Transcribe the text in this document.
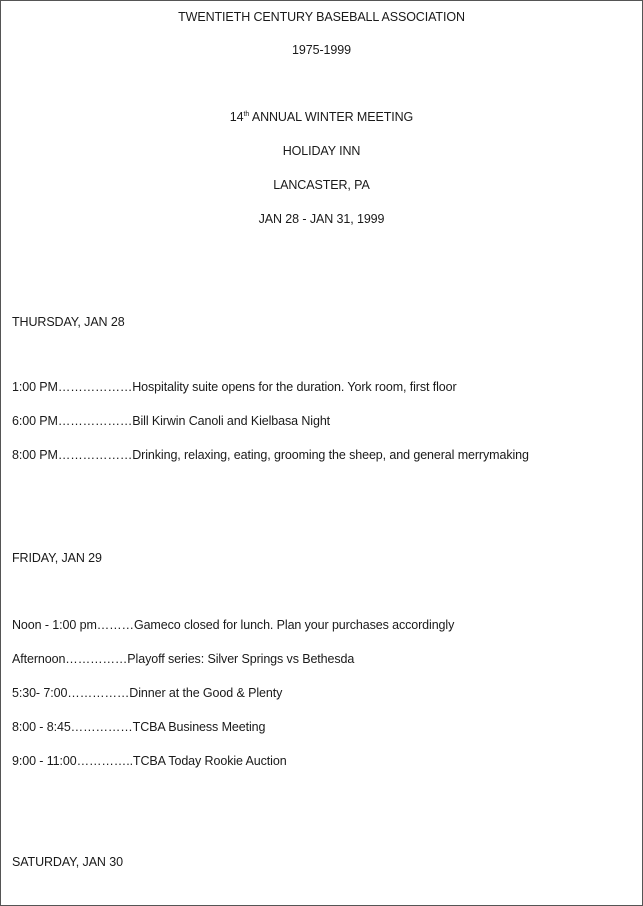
TWENTIETH CENTURY BASEBALL ASSOCIATION
1975-1999
14th ANNUAL WINTER MEETING
HOLIDAY INN
LANCASTER, PA
JAN 28 - JAN 31, 1999
THURSDAY, JAN 28
1:00 PM………………Hospitality suite opens for the duration. York room, first floor
6:00 PM………………Bill Kirwin Canoli and Kielbasa Night
8:00 PM………………Drinking, relaxing, eating, grooming the sheep, and general merrymaking
FRIDAY, JAN 29
Noon - 1:00 pm………Gameco closed for lunch. Plan your purchases accordingly
Afternoon……………Playoff series: Silver Springs vs Bethesda
5:30- 7:00……………Dinner at the Good & Plenty
8:00 - 8:45……………TCBA Business Meeting
9:00 - 11:00…………..TCBA Today Rookie Auction
SATURDAY, JAN 30
